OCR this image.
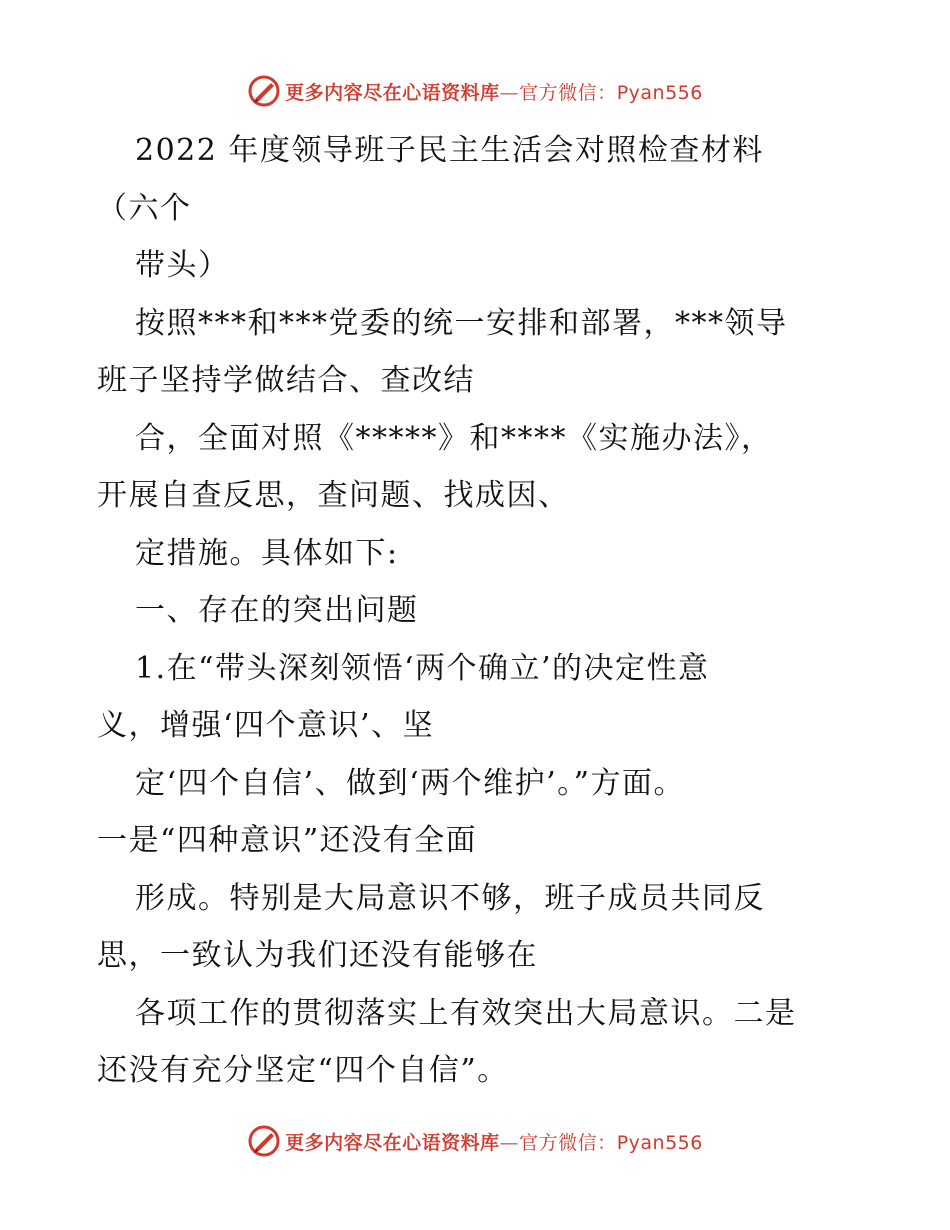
更多内容尽在心语资料库—官方微信：Pyan556
2022 年度领导班子民主生活会对照检查材料
（六个
带头）
按照***和***党委的统一安排和部署，***领导
班子坚持学做结合、查改结
合，全面对照《*****》和****《实施办法》，
开展自查反思，查问题、找成因、
定措施。具体如下:
一、存在的突出问题
1.在“带头深刻领悟‘两个确立’的决定性意
义，增强‘四个意识’、坚
定‘四个自信’、做到‘两个维护’。”方面。
一是“四种意识”还没有全面
形成。特别是大局意识不够，班子成员共同反
思，一致认为我们还没有能够在
各项工作的贯彻落实上有效突出大局意识。二是
还没有充分坚定“四个自信”。
更多内容尽在心语资料库—官方微信：Pyan556
